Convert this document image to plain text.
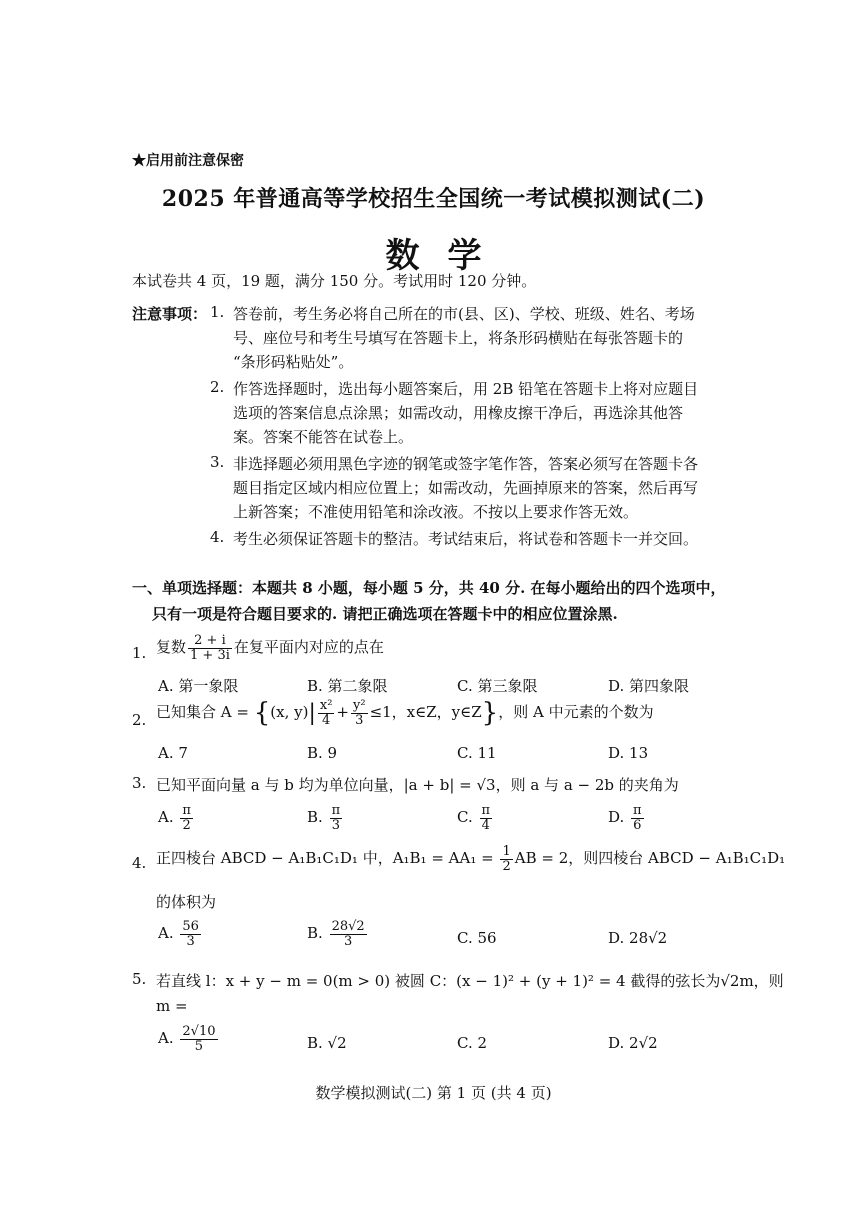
★启用前注意保密
2025 年普通高等学校招生全国统一考试模拟测试(二)
数学
本试卷共 4 页，19 题，满分 150 分。考试用时 120 分钟。
注意事项： 1. 答卷前，考生务必将自己所在的市(县、区)、学校、班级、姓名、考场
号、座位号和考生号填写在答题卡上，将条形码横贴在每张答题卡的
“条形码粘贴处”。
2. 作答选择题时，选出每小题答案后，用 2B 铅笔在答题卡上将对应题目
选项的答案信息点涂黑；如需改动，用橡皮擦干净后，再选涂其他答
案。答案不能答在试卷上。
3. 非选择题必须用黑色字迹的钢笔或签字笔作答，答案必须写在答题卡各
题目指定区域内相应位置上；如需改动，先画掉原来的答案，然后再写
上新答案；不准使用铅笔和涂改液。不按以上要求作答无效。
4. 考生必须保证答题卡的整洁。考试结束后，将试卷和答题卡一并交回。
一、单项选择题：本题共 8 小题，每小题 5 分，共 40 分. 在每小题给出的四个选项中，
只有一项是符合题目要求的. 请把正确选项在答题卡中的相应位置涂黑.
1. 复数 $\frac{2 + i}{1 + 3i}$ 在复平面内对应的点在
A. 第一象限	B. 第二象限	C. 第三象限	D. 第四象限
2. 已知集合 A = {(x, $y)| \frac{\text{x²}}{4} + \frac{\text{y²}}{3} \le 1$，x∈Z，y∈Z}，则 A 中元素的个数为
A. 7	B. 9	C. 11	D. 13
3. 已知平面向量 a 与 b 均为单位向量，|a + b| = √3，则 a 与 a − 2b 的夹角为
A. $\frac{\pi}{2}$	B. $\frac{\pi}{3}$	C. $\frac{\pi}{4}$	D. $\frac{\pi}{6}$
4. 正四棱台 ABCD − A₁B₁C₁D₁ 中，$A_1B_1 = AA_1 = \frac{1}{2}$ AB = 2，则四棱台 ABCD − A₁B₁C₁D₁
的体积为
A. $\frac{56}{3}$	B. $\frac{28√2}{3}$	C. 56	D. 28√2
5. 若直线 l：x + y − m = 0(m > 0) 被圆 C：(x − 1)² + (y + 1)² = 4 截得的弦长为√2m，则
m =
A. $\frac{2√10}{5}$	B. √2	C. 2	D. 2√2
数学模拟测试(二) 第 1 页 (共 4 页)
